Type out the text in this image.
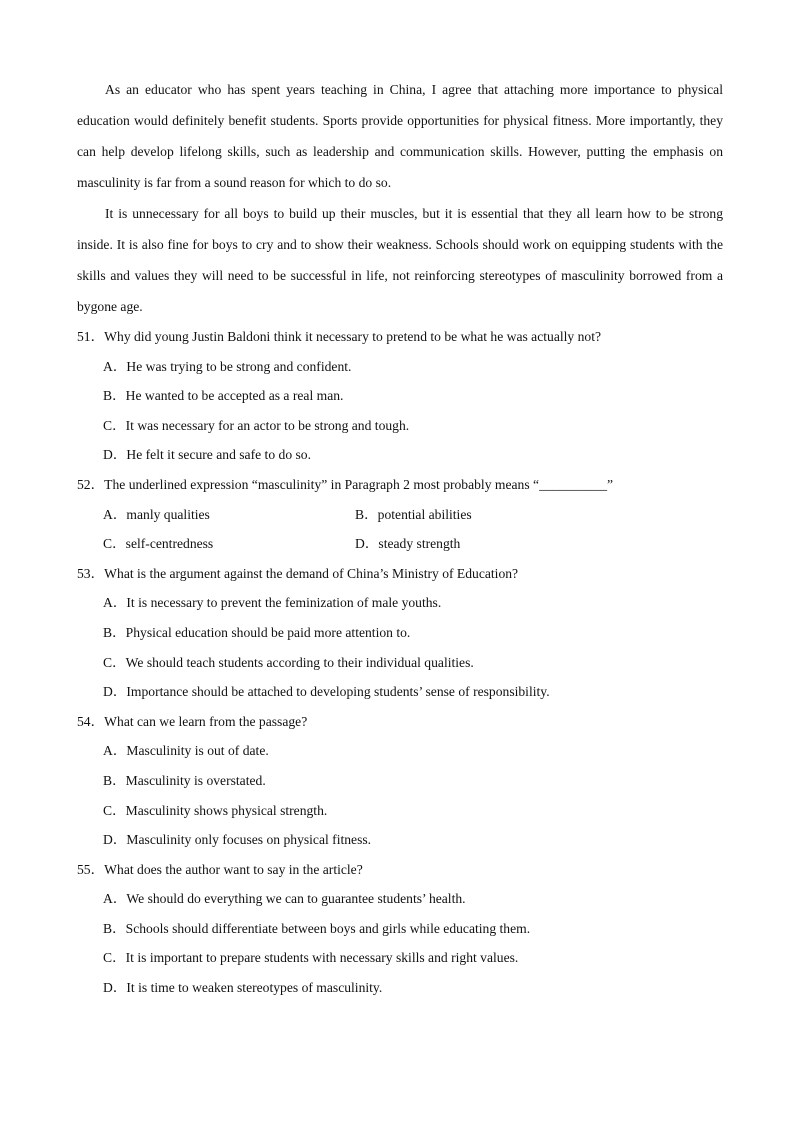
As an educator who has spent years teaching in China, I agree that attaching more importance to physical education would definitely benefit students. Sports provide opportunities for physical fitness. More importantly, they can help develop lifelong skills, such as leadership and communication skills. However, putting the emphasis on masculinity is far from a sound reason for which to do so.

It is unnecessary for all boys to build up their muscles, but it is essential that they all learn how to be strong inside. It is also fine for boys to cry and to show their weakness. Schools should work on equipping students with the skills and values they will need to be successful in life, not reinforcing stereotypes of masculinity borrowed from a bygone age.

51．Why did young Justin Baldoni think it necessary to pretend to be what he was actually not?

A．He was trying to be strong and confident.

B．He wanted to be accepted as a real man.

C．It was necessary for an actor to be strong and tough.

D．He felt it secure and safe to do so.

52．The underlined expression “masculinity” in Paragraph 2 most probably means “__________”

A．manly qualities	B．potential abilities
C．self-centredness	D．steady strength

53．What is the argument against the demand of China’s Ministry of Education?

A．It is necessary to prevent the feminization of male youths.

B．Physical education should be paid more attention to.

C．We should teach students according to their individual qualities.

D．Importance should be attached to developing students’ sense of responsibility.

54．What can we learn from the passage?

A．Masculinity is out of date.

B．Masculinity is overstated.

C．Masculinity shows physical strength.

D．Masculinity only focuses on physical fitness.

55．What does the author want to say in the article?

A．We should do everything we can to guarantee students’ health.

B．Schools should differentiate between boys and girls while educating them.

C．It is important to prepare students with necessary skills and right values.

D．It is time to weaken stereotypes of masculinity.
